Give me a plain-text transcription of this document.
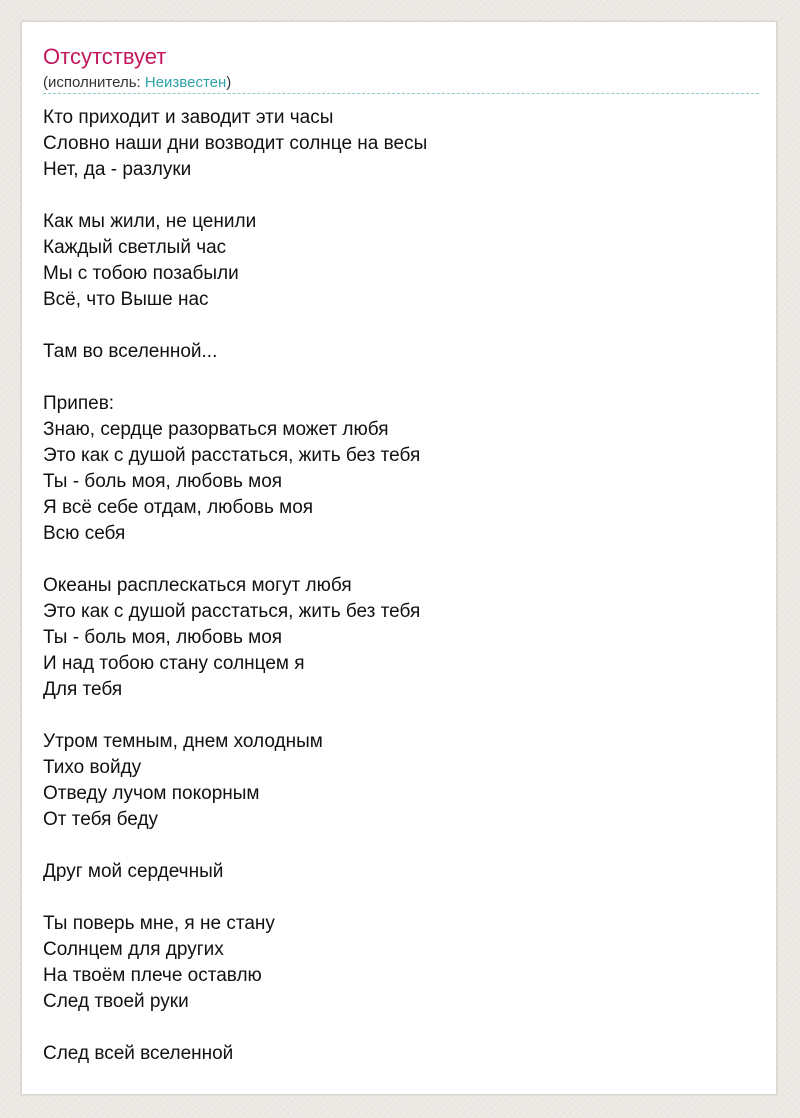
Отсутствует
(исполнитель: Неизвестен)
Кто приходит и заводит эти часы
Словно наши дни возводит солнце на весы
Нет, да - разлуки
Как мы жили, не ценили
Каждый светлый час
Мы с тобою позабыли
Всё, что Выше нас
Там во вселенной...
Припев:
Знаю, сердце разорваться может любя
Это как с душой расстаться, жить без тебя
Ты - боль моя, любовь моя
Я всё себе отдам, любовь моя
Всю себя
Океаны расплескаться могут любя
Это как с душой расстаться, жить без тебя
Ты - боль моя, любовь моя
И над тобою стану солнцем я
Для тебя
Утром темным, днем холодным
Тихо войду
Отведу лучом покорным
От тебя беду
Друг мой сердечный
Ты поверь мне, я не стану
Солнцем для других
На твоём плече оставлю
След твоей руки
След всей вселенной
